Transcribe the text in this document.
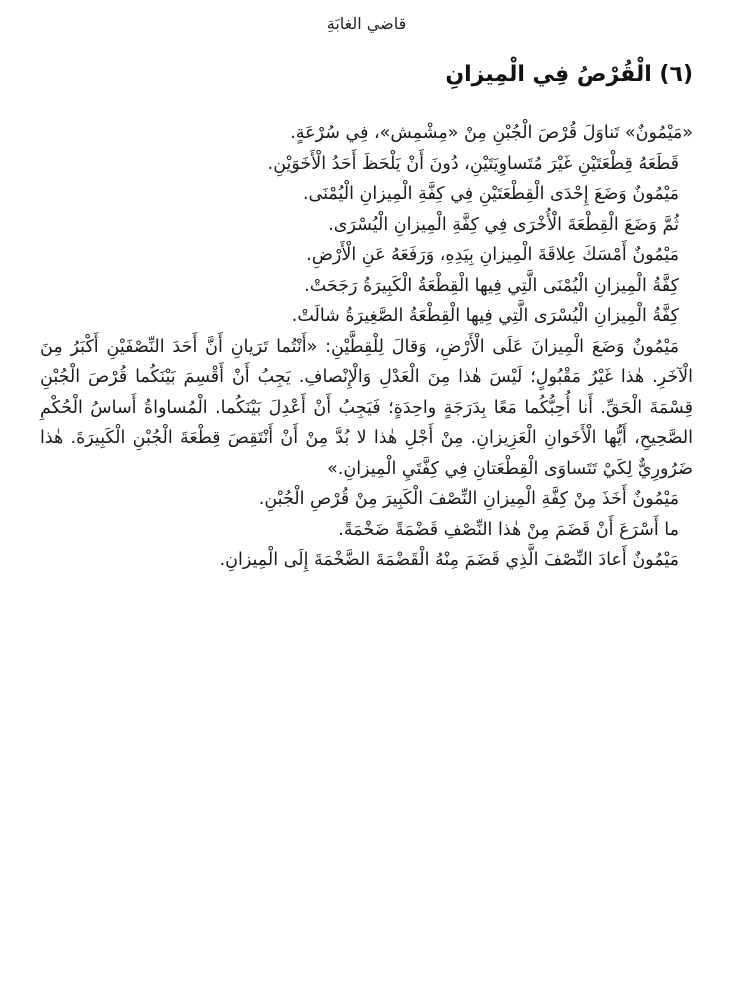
قاضي الغابَةِ
(٦) الْقُرْصُ فِي الْمِيزانِ

«مَيْمُونٌ» تَناوَلَ قُرْصَ الْجُبْنِ مِنْ «مِشْمِش»، فِي سُرْعَةٍ.

قَطَعَهُ قِطْعَتَيْنِ غَيْرَ مُتَساوِيَتَيْنِ، دُونَ أَنْ يَلْحَظَ أَحَدُ الْأَخَوَيْنِ.

مَيْمُونٌ وَضَعَ إِحْدَى الْقِطْعَتَيْنِ فِي كِفَّةِ الْمِيزانِ الْيُمْنَى.

ثُمَّ وَضَعَ الْقِطْعَةَ الْأُخْرَى فِي كِفَّةِ الْمِيزانِ الْيُسْرَى.

مَيْمُونٌ أَمْسَكَ عِلاقَةَ الْمِيزانِ بِيَدِهِ، وَرَفَعَهُ عَنِ الْأَرْضِ.

كِفَّةُ الْمِيزانِ الْيُمْنَى الَّتِي فِيها الْقِطْعَةُ الْكَبِيرَةُ رَجَحَتْ.

كِفَّةُ الْمِيزانِ الْيُسْرَى الَّتِي فِيها الْقِطْعَةُ الصَّغِيرَةُ شالَتْ.

مَيْمُونٌ وَضَعَ الْمِيزانَ عَلَى الْأَرْضِ، وَقالَ لِلْقِطَّيْنِ: «أَنْتُما تَرَيانِ أَنَّ أَحَدَ النِّصْفَيْنِ أَكْبَرُ مِنَ الْآخَرِ. هٰذا غَيْرُ مَقْبُولٍ؛ لَيْسَ هٰذا مِنَ الْعَدْلِ وَالْإِنْصافِ. يَجِبُ أَنْ أَقْسِمَ بَيْنَكُما قُرْصَ الْجُبْنِ قِسْمَةَ الْحَقِّ. أَنا أُحِبُّكُما مَعًا بِدَرَجَةٍ واحِدَةٍ؛ فَيَجِبُ أَنْ أَعْدِلَ بَيْنَكُما. الْمُساواةُ أَساسُ الْحُكْمِ الصَّحِيحِ، أَيُّها الْأَخَوانِ الْعَزِيزانِ. مِنْ أَجْلِ هٰذا لا بُدَّ مِنْ أَنْ أَنْتَقِصَ قِطْعَةَ الْجُبْنِ الْكَبِيرَةَ. هٰذا ضَرُورِيٌّ لِكَيْ تَتَساوَى الْقِطْعَتانِ فِي كِفَّتَيِ الْمِيزانِ.»

مَيْمُونٌ أَخَذَ مِنْ كِفَّةِ الْمِيزانِ النِّصْفَ الْكَبِيرَ مِنْ قُرْصِ الْجُبْنِ.

ما أَسْرَعَ أَنْ قَضَمَ مِنْ هٰذا النِّصْفِ قَضْمَةً ضَخْمَةً.

مَيْمُونٌ أَعادَ النِّصْفَ الَّذِي قَضَمَ مِنْهُ الْقَضْمَةَ الضَّخْمَةَ إِلَى الْمِيزانِ.
